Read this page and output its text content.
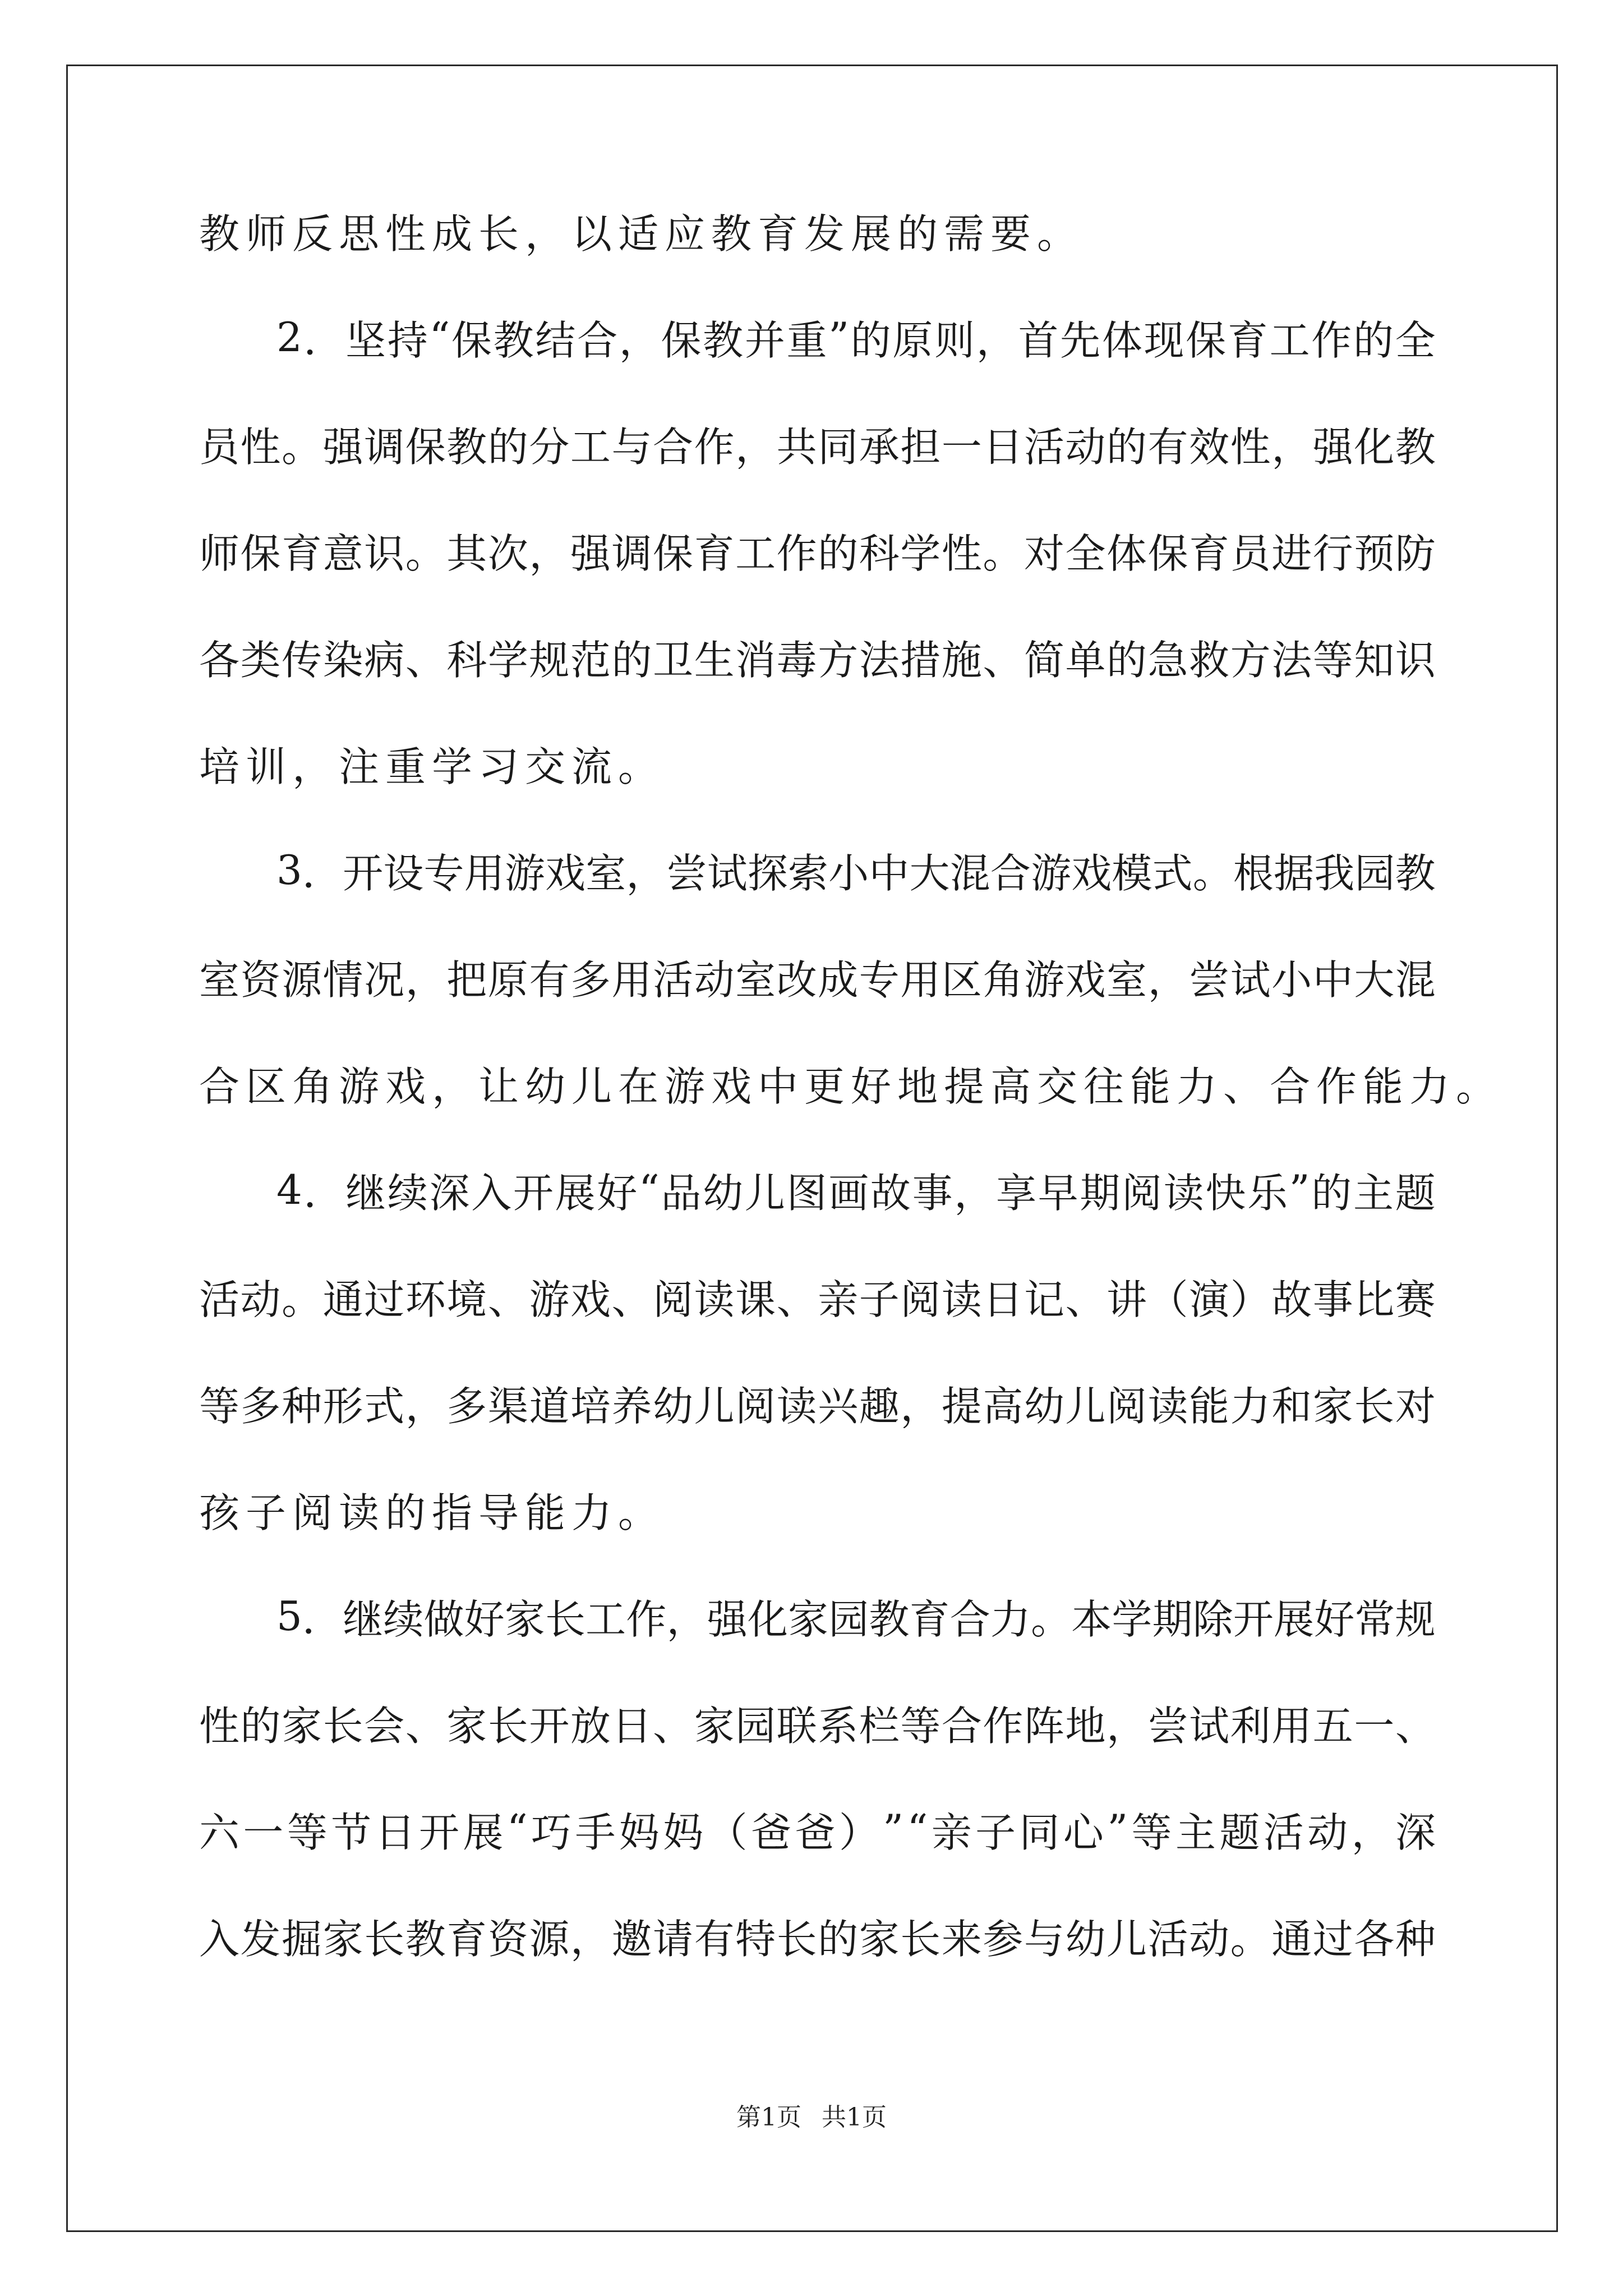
教师反思性成长，以适应教育发展的需要。
2 ． 坚 持 “ 保 教 结 合 ， 保 教 并 重 ” 的 原 则 ， 首 先 体 现 保 育 工 作 的 全
员 性 。 强 调 保 教 的 分 工 与 合 作 ， 共 同 承 担 一 日 活 动 的 有 效 性 ， 强 化 教
师 保 育 意 识 。 其 次 ， 强 调 保 育 工 作 的 科 学 性 。 对 全 体 保 育 员 进 行 预 防
各 类 传 染 病 、 科 学 规 范 的 卫 生 消 毒 方 法 措 施 、 简 单 的 急 救 方 法 等 知 识
培训，注重学习交流。
3 ． 开 设 专 用 游 戏 室 ， 尝 试 探 索 小 中 大 混 合 游 戏 模 式 。 根 据 我 园 教
室 资 源 情 况 ， 把 原 有 多 用 活 动 室 改 成 专 用 区 角 游 戏 室 ， 尝 试 小 中 大 混
合区角游戏，让幼儿在游戏中更好地提高交往能力、合作能力。
4 ． 继 续 深 入 开 展 好 “ 品 幼 儿 图 画 故 事 ， 享 早 期 阅 读 快 乐 ” 的 主 题
活 动 。 通 过 环 境 、 游 戏 、 阅 读 课 、 亲 子 阅 读 日 记 、 讲 （ 演 ） 故 事 比 赛
等 多 种 形 式 ， 多 渠 道 培 养 幼 儿 阅 读 兴 趣 ， 提 高 幼 儿 阅 读 能 力 和 家 长 对
孩子阅读的指导能力。
5 ． 继 续 做 好 家 长 工 作 ， 强 化 家 园 教 育 合 力 。 本 学 期 除 开 展 好 常 规
性 的 家 长 会 、 家 长 开 放 日 、 家 园 联 系 栏 等 合 作 阵 地 ， 尝 试 利 用 五 一 、
六 一 等 节 日 开 展 “ 巧 手 妈 妈 （ 爸 爸 ） ” “ 亲 子 同 心 ” 等 主 题 活 动 ， 深
入 发 掘 家 长 教 育 资 源 ， 邀 请 有 特 长 的 家 长 来 参 与 幼 儿 活 动 。 通 过 各 种
第1页 共1页
